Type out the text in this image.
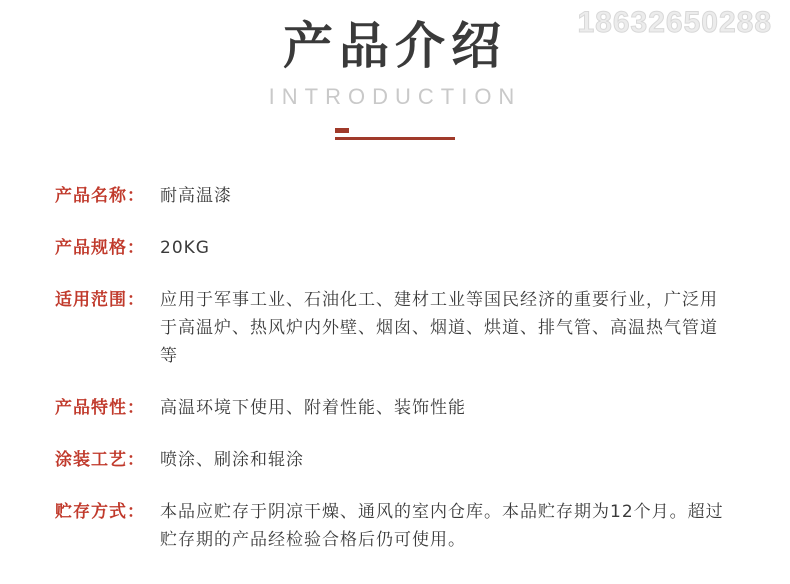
18632650288
产品介绍
INTRODUCTION
产品名称： 耐高温漆
产品规格： 20KG
适用范围： 应用于军事工业、石油化工、建材工业等国民经济的重要行业，广泛用于高温炉、热风炉内外壁、烟囱、烟道、烘道、排气管、高温热气管道等
产品特性： 高温环境下使用、附着性能、装饰性能
涂装工艺： 喷涂、刷涂和辊涂
贮存方式： 本品应贮存于阴凉干燥、通风的室内仓库。本品贮存期为12个月。超过贮存期的产品经检验合格后仍可使用。
